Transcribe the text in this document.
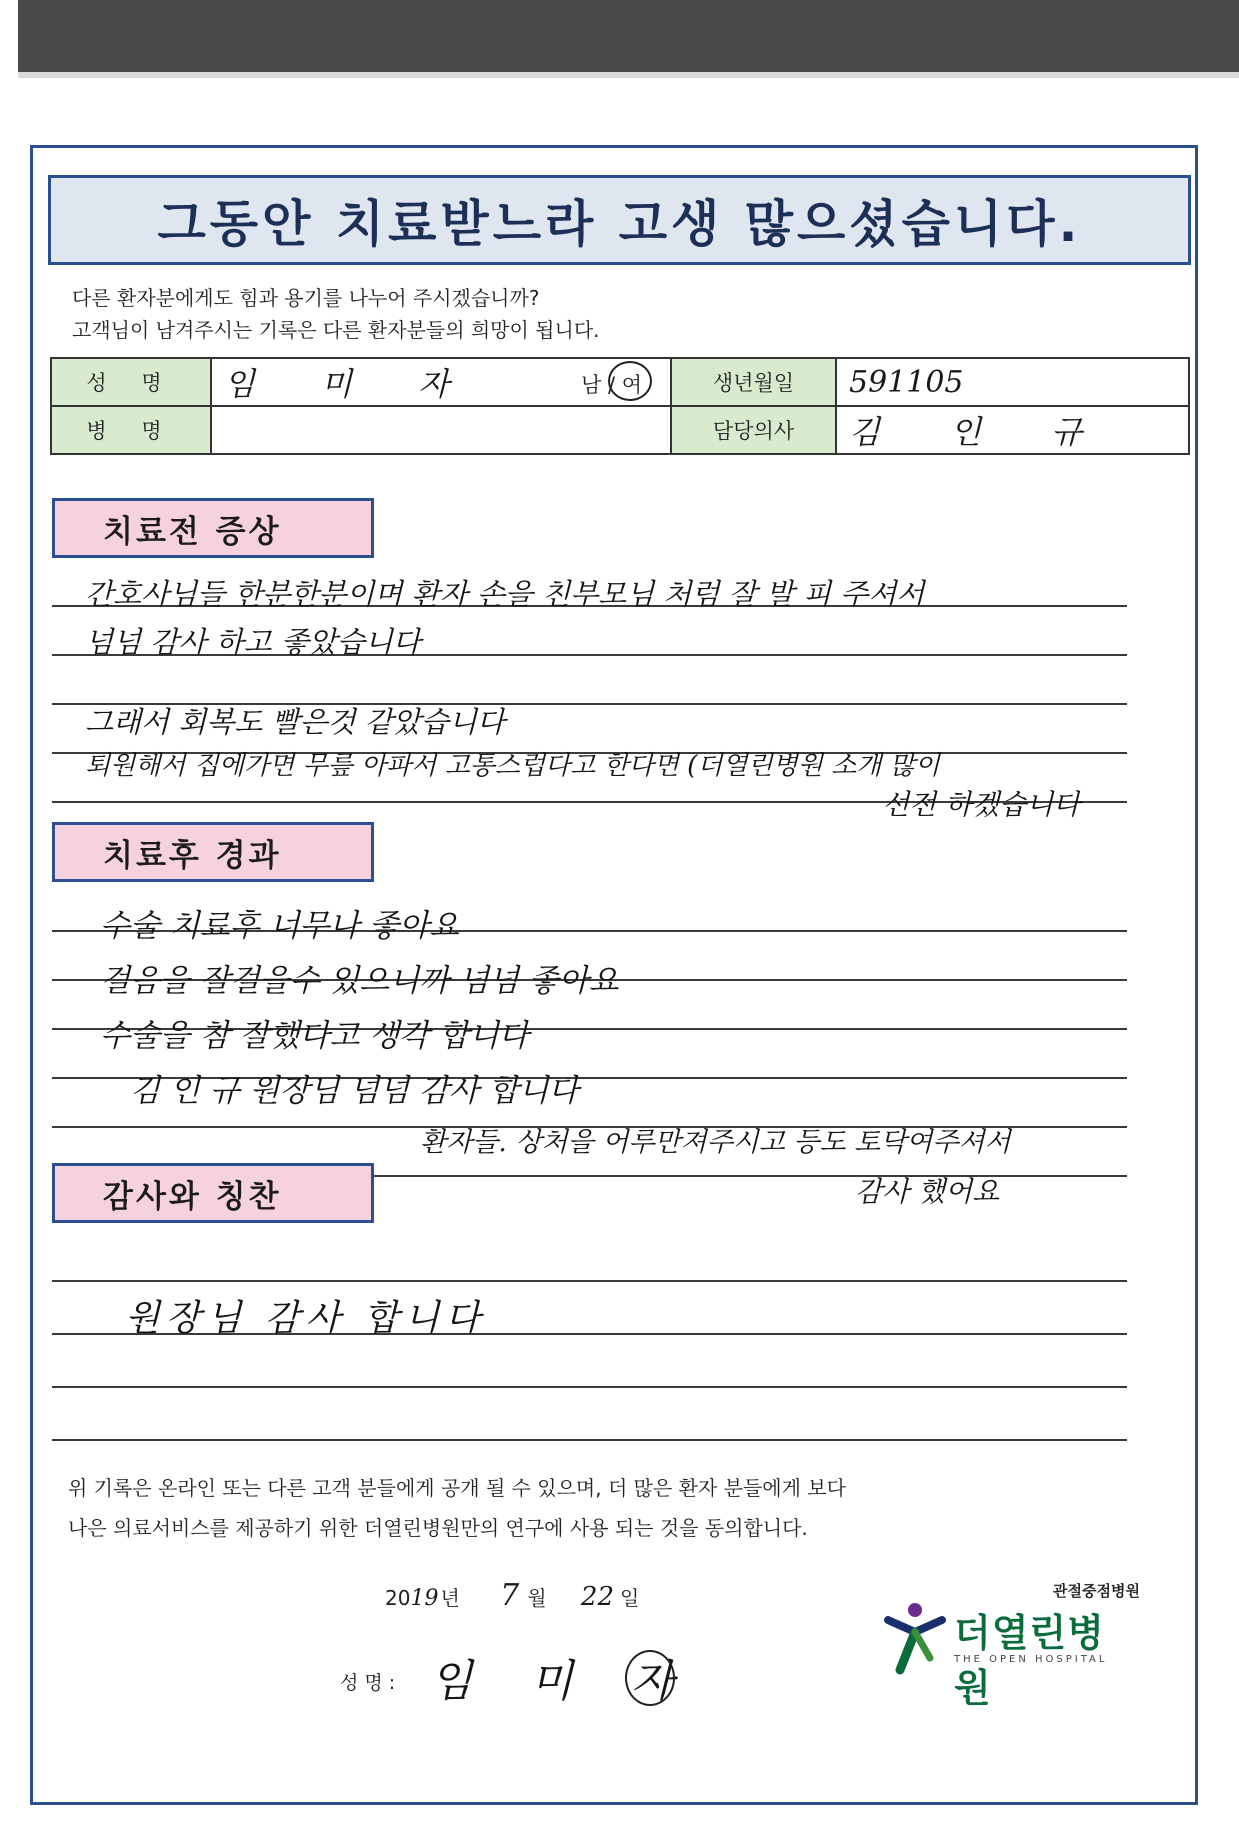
그동안 치료받느라 고생 많으셨습니다.
다른 환자분에게도 힘과 용기를 나누어 주시겠습니까?
고객님이 남겨주시는 기록은 다른 환자분들의 희망이 됩니다.
성 명	임 미 자 남 / 여	생년월일	591105
병 명		담당의사	김 인 규
치료전 증상
간호사님들 한분한분이며 환자 손을 친부모님 처럼 잘 발 피 주셔서
넘넘 감사 하고 좋았습니다
그래서 회복도 빨은것 같았습니다
퇴원해서 집에가면 무릎 아파서 고통스럽다고 한다면 (더열린병원 소개 많이
선전 하겠습니다
치료후 경과
수술 치료후 너무나 좋아요
걸음을 잘걸을수 있으니까 넘넘 좋아요
수술을 참 잘했다고 생각 합니다
김 인 규 원장님 넘넘 감사 합니다
환자들. 상처을 어루만져주시고 등도 토닥여주셔서
감사 했어요
감사와 칭찬
원장님 감사 합니다
위 기록은 온라인 또는 다른 고객 분들에게 공개 될 수 있으며, 더 많은 환자 분들에게 보다
나은 의료서비스를 제공하기 위한 더열린병원만의 연구에 사용 되는 것을 동의합니다.
2019 년 7 월 22 일
성 명 : 임 미 자
관절중점병원
더열린병원
THE OPEN HOSPITAL
